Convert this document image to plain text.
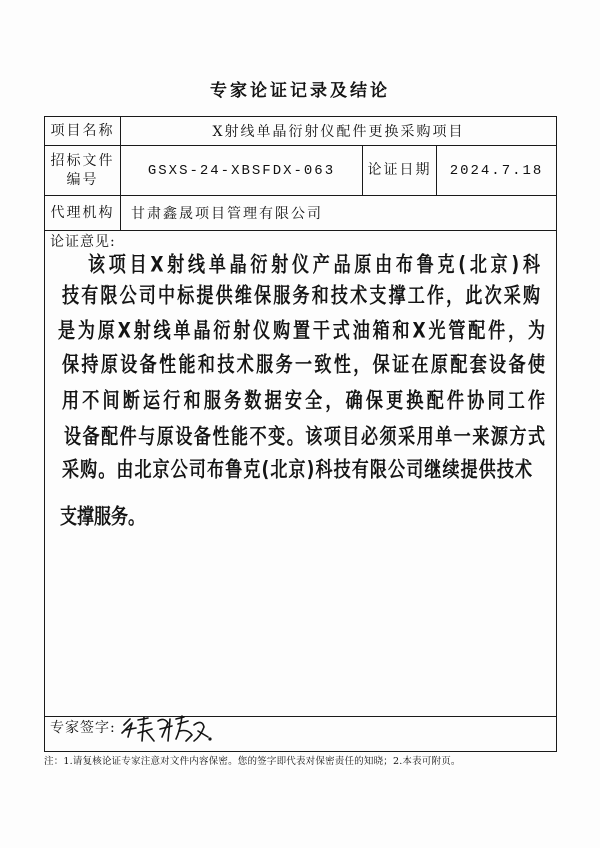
专家论证记录及结论
项目名称	X射线单晶衍射仪配件更换采购项目		
招标文件编号	GSXS-24-XBSFDX-063	论证日期	2024.7.18
代理机构	甘肃鑫晟项目管理有限公司		

论证意见:
该项目X射线单晶衍射仪产品原由布鲁克(北京)科
技有限公司中标提供维保服务和技术支撑工作，此次采购
是为原X射线单晶衍射仪购置干式油箱和X光管配件，为
保持原设备性能和技术服务一致性，保证在原配套设备使
用不间断运行和服务数据安全，确保更换配件协同工作
设备配件与原设备性能不变。该项目必须采用单一来源方式
采购。由北京公司布鲁克(北京)科技有限公司继续提供技术
支撑服务。
专家签字:
注：1.请复核论证专家注意对文件内容保密。您的签字即代表对保密责任的知晓；2.本表可附页。
